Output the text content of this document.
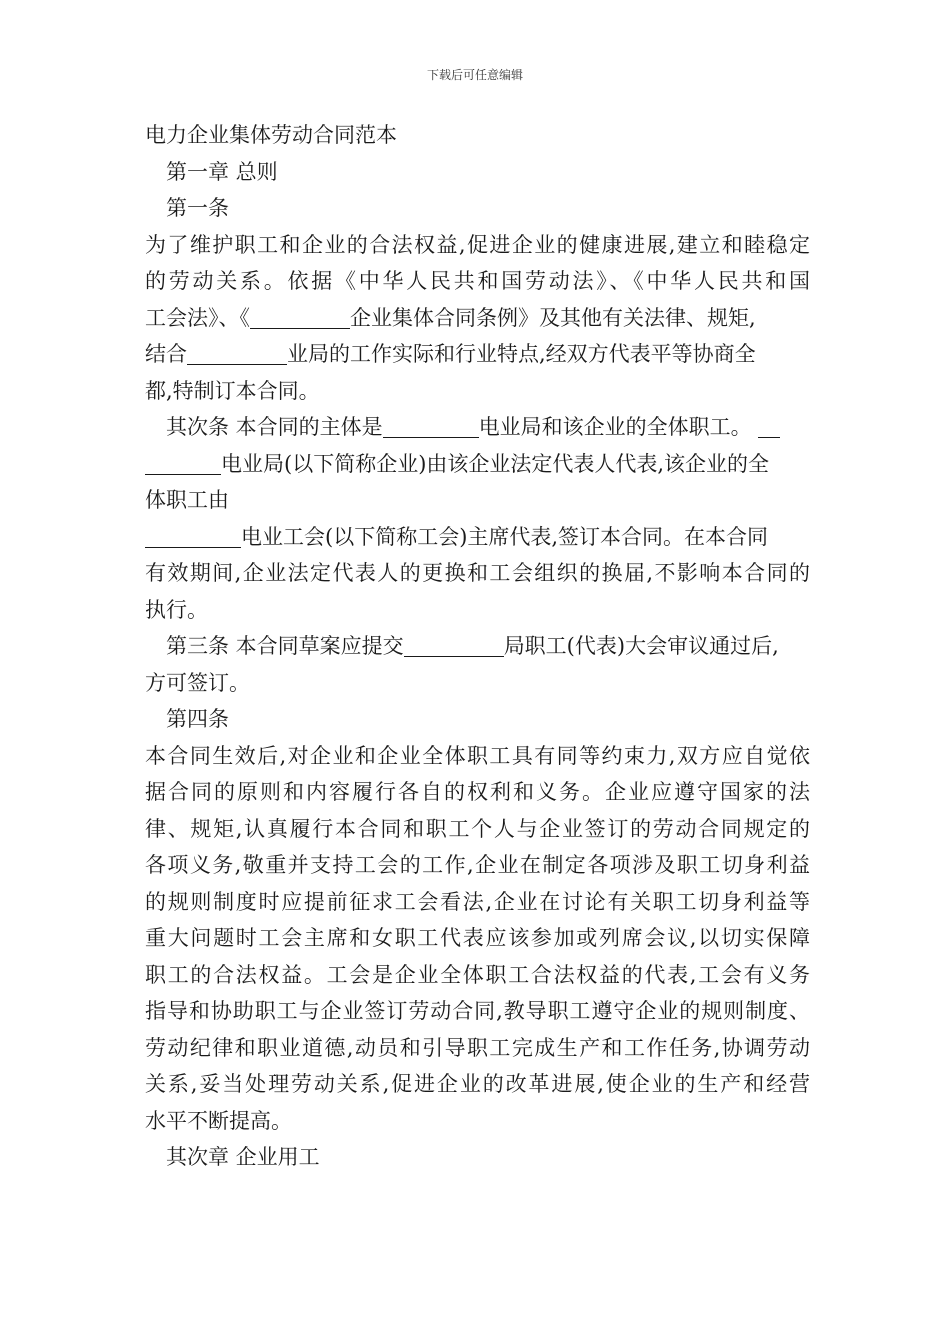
下载后可任意编辑
电力企业集体劳动合同范本
第一章 总则
第一条
为了维护职工和企业的合法权益,促进企业的健康进展,建立和睦稳定
的劳动关系。依据《中华人民共和国劳动法》、《中华人民共和国
工会法》、《	企业集体合同条例》及其他有关法律、规矩,
结合	业局的工作实际和行业特点,经双方代表平等协商全
都,特制订本合同。
其次条 本合同的主体是	电业局和该企业的全体职工。
电业局(以下简称企业)由该企业法定代表人代表,该企业的全
体职工由
电业工会(以下简称工会)主席代表,签订本合同。在本合同
有效期间,企业法定代表人的更换和工会组织的换届,不影响本合同的
执行。
第三条 本合同草案应提交	局职工(代表)大会审议通过后,
方可签订。
第四条
本合同生效后,对企业和企业全体职工具有同等约束力,双方应自觉依
据合同的原则和内容履行各自的权利和义务。企业应遵守国家的法
律、规矩,认真履行本合同和职工个人与企业签订的劳动合同规定的
各项义务,敬重并支持工会的工作,企业在制定各项涉及职工切身利益
的规则制度时应提前征求工会看法,企业在讨论有关职工切身利益等
重大问题时工会主席和女职工代表应该参加或列席会议,以切实保障
职工的合法权益。工会是企业全体职工合法权益的代表,工会有义务
指导和协助职工与企业签订劳动合同,教导职工遵守企业的规则制度、
劳动纪律和职业道德,动员和引导职工完成生产和工作任务,协调劳动
关系,妥当处理劳动关系,促进企业的改革进展,使企业的生产和经营
水平不断提高。
其次章 企业用工
